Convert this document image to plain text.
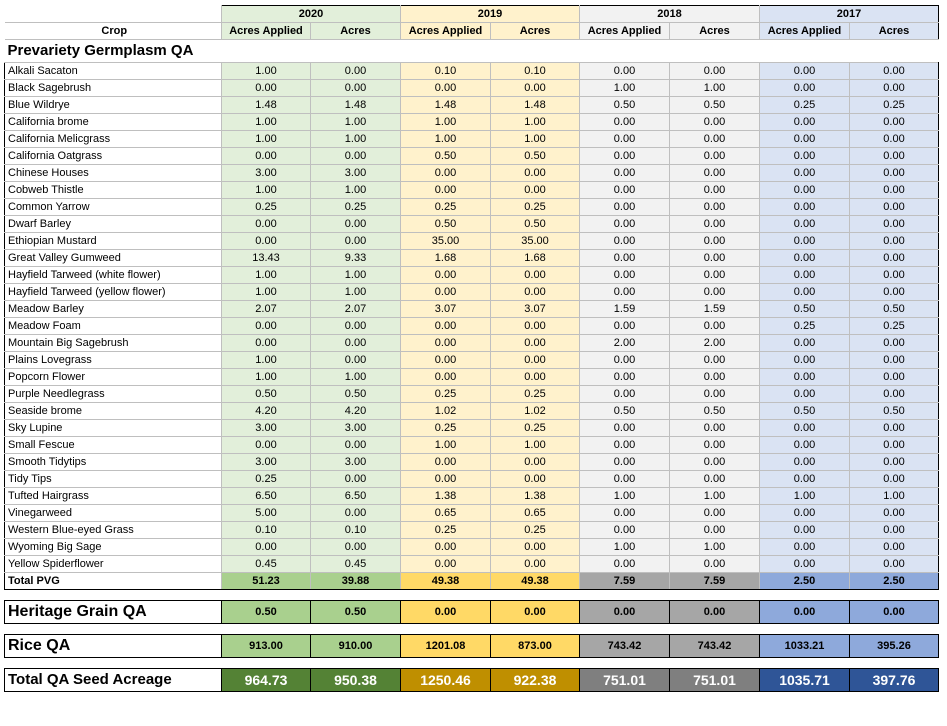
	2020		2019		2018		2017	
Crop	Acres Applied	Acres	Acres Applied	Acres	Acres Applied	Acres	Acres Applied	Acres
Prevariety Germplasm QA								
Alkali Sacaton	1.00	0.00	0.10	0.10	0.00	0.00	0.00	0.00
Black Sagebrush	0.00	0.00	0.00	0.00	1.00	1.00	0.00	0.00
Blue Wildrye	1.48	1.48	1.48	1.48	0.50	0.50	0.25	0.25
California brome	1.00	1.00	1.00	1.00	0.00	0.00	0.00	0.00
California Melicgrass	1.00	1.00	1.00	1.00	0.00	0.00	0.00	0.00
California Oatgrass	0.00	0.00	0.50	0.50	0.00	0.00	0.00	0.00
Chinese Houses	3.00	3.00	0.00	0.00	0.00	0.00	0.00	0.00
Cobweb Thistle	1.00	1.00	0.00	0.00	0.00	0.00	0.00	0.00
Common Yarrow	0.25	0.25	0.25	0.25	0.00	0.00	0.00	0.00
Dwarf Barley	0.00	0.00	0.50	0.50	0.00	0.00	0.00	0.00
Ethiopian Mustard	0.00	0.00	35.00	35.00	0.00	0.00	0.00	0.00
Great Valley Gumweed	13.43	9.33	1.68	1.68	0.00	0.00	0.00	0.00
Hayfield Tarweed (white flower)	1.00	1.00	0.00	0.00	0.00	0.00	0.00	0.00
Hayfield Tarweed (yellow flower)	1.00	1.00	0.00	0.00	0.00	0.00	0.00	0.00
Meadow Barley	2.07	2.07	3.07	3.07	1.59	1.59	0.50	0.50
Meadow Foam	0.00	0.00	0.00	0.00	0.00	0.00	0.25	0.25
Mountain Big Sagebrush	0.00	0.00	0.00	0.00	2.00	2.00	0.00	0.00
Plains Lovegrass	1.00	0.00	0.00	0.00	0.00	0.00	0.00	0.00
Popcorn Flower	1.00	1.00	0.00	0.00	0.00	0.00	0.00	0.00
Purple Needlegrass	0.50	0.50	0.25	0.25	0.00	0.00	0.00	0.00
Seaside brome	4.20	4.20	1.02	1.02	0.50	0.50	0.50	0.50
Sky Lupine	3.00	3.00	0.25	0.25	0.00	0.00	0.00	0.00
Small Fescue	0.00	0.00	1.00	1.00	0.00	0.00	0.00	0.00
Smooth Tidytips	3.00	3.00	0.00	0.00	0.00	0.00	0.00	0.00
Tidy Tips	0.25	0.00	0.00	0.00	0.00	0.00	0.00	0.00
Tufted Hairgrass	6.50	6.50	1.38	1.38	1.00	1.00	1.00	1.00
Vinegarweed	5.00	0.00	0.65	0.65	0.00	0.00	0.00	0.00
Western Blue-eyed Grass	0.10	0.10	0.25	0.25	0.00	0.00	0.00	0.00
Wyoming Big Sage	0.00	0.00	0.00	0.00	1.00	1.00	0.00	0.00
Yellow Spiderflower	0.45	0.45	0.00	0.00	0.00	0.00	0.00	0.00
Total PVG	51.23	39.88	49.38	49.38	7.59	7.59	2.50	2.50

Heritage Grain QA	0.50	0.50	0.00	0.00	0.00	0.00	0.00	0.00

Rice QA	913.00	910.00	1201.08	873.00	743.42	743.42	1033.21	395.26

Total QA Seed Acreage	964.73	950.38	1250.46	922.38	751.01	751.01	1035.71	397.76
